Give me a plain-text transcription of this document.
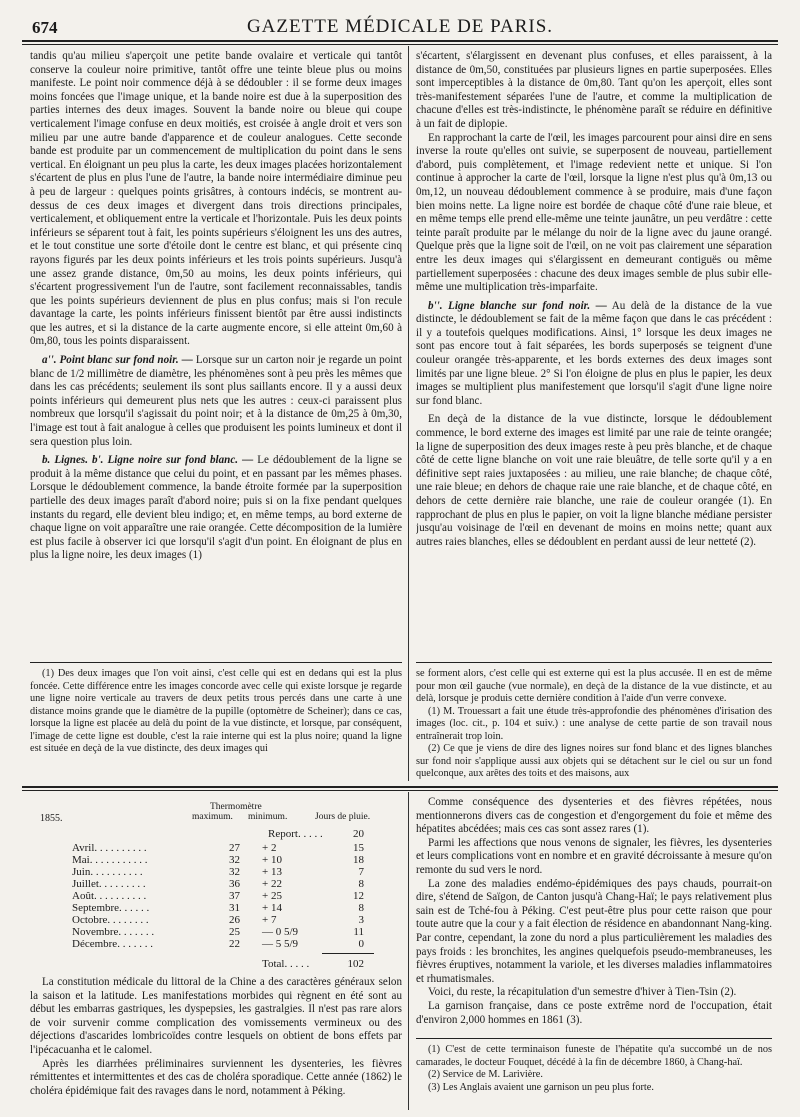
674	GAZETTE MÉDICALE DE PARIS.

tandis qu'au milieu s'aperçoit une petite bande ovalaire et verticale qui tantôt conserve la couleur noire primitive, tantôt offre une teinte bleue plus ou moins manifeste. Le point noir commence déjà à se dédoubler : il se forme deux images moins foncées que l'image unique, et la bande noire est due à la superposition des parties internes des deux images. Souvent la bande noire ou bleue qui coupe verticalement l'image confuse en deux moitiés, est croisée à angle droit et vers son milieu par une autre bande d'apparence et de couleur analogues. Cette seconde bande est produite par un commencement de multiplication du point dans le sens vertical. En éloignant un peu plus la carte, les deux images placées horizontalement s'écartent de plus en plus l'une de l'autre, la bande noire intermédiaire diminue peu à peu de largeur : quelques points grisâtres, à contours indécis, se montrent au-dessus de ces deux images et divergent dans trois directions principales, verticalement, et obliquement entre la verticale et l'horizontale. Puis les deux points inférieurs se séparent tout à fait, les points supérieurs s'éloignent les uns des autres, et le tout constitue une sorte d'étoile dont le centre est blanc, et qui présente cinq rayons figurés par les deux points inférieurs et les trois points supérieurs. Jusqu'à une assez grande distance, 0m,50 au moins, les deux points inférieurs, qui s'écartent progressivement l'un de l'autre, sont facilement reconnaissables, tandis que les points supérieurs deviennent de plus en plus confus; mais si l'on recule davantage la carte, les points inférieurs finissent bientôt par être aussi indistincts que les autres, et si la distance de la carte augmente encore, si elle atteint 0m,60 à 0m,80, tous les points disparaissent.

a''. Point blanc sur fond noir. — Lorsque sur un carton noir je regarde un point blanc de 1/2 millimètre de diamètre, les phénomènes sont à peu près les mêmes que dans les cas précédents; seulement ils sont plus saillants encore. Il y a aussi deux points inférieurs qui demeurent plus nets que les autres : ceux-ci paraissent plus nombreux que lorsqu'il s'agissait du point noir; et à la distance de 0m,25 à 0m,30, l'image est tout à fait analogue à celles que produisent les points lumineux et dont il sera question plus loin.

b. Lignes. b'. Ligne noire sur fond blanc. — Le dédoublement de la ligne se produit à la même distance que celui du point, et en passant par les mêmes phases. Lorsque le dédoublement commence, la bande étroite formée par la superposition partielle des deux images paraît d'abord noire; puis si on la fixe pendant quelques instants du regard, elle devient bleu indigo; et, en même temps, au bord externe de chaque ligne on voit apparaître une raie orangée. Cette décomposition de la lumière est plus facile à observer ici que lorsqu'il s'agit d'un point. En éloignant de plus en plus la ligne noire, les deux images (1)

s'écartent, s'élargissent en devenant plus confuses, et elles paraissent, à la distance de 0m,50, constituées par plusieurs lignes en partie superposées. Elles sont imperceptibles à la distance de 0m,80. Tant qu'on les aperçoit, elles sont très-manifestement séparées l'une de l'autre, et comme la multiplication de chacune d'elles est très-indistincte, le phénomène paraît se réduire en définitive à un fait de diplopie.

En rapprochant la carte de l'œil, les images parcourent pour ainsi dire en sens inverse la route qu'elles ont suivie, se superposent de nouveau, partiellement d'abord, puis complètement, et l'image redevient nette et unique. Si l'on continue à approcher la carte de l'œil, lorsque la ligne n'est plus qu'à 0m,13 ou 0m,12, un nouveau dédoublement commence à se produire, mais d'une façon bien moins nette. La ligne noire est bordée de chaque côté d'une raie bleue, et en même temps elle prend elle-même une teinte jaunâtre, un peu verdâtre : cette teinte paraît produite par le mélange du noir de la ligne avec du jaune orangé. Quelque près que la ligne soit de l'œil, on ne voit pas clairement une séparation entre les deux images qui s'élargissent en demeurant contiguës ou même partiellement superposées : chacune des deux images semble de plus subir elle-même une multiplication très-imparfaite.

b''. Ligne blanche sur fond noir. — Au delà de la distance de la vue distincte, le dédoublement se fait de la même façon que dans le cas précédent : il y a toutefois quelques modifications. Ainsi, 1° lorsque les deux images ne sont pas encore tout à fait séparées, les bords superposés se teignent d'une couleur orangée très-apparente, et les bords externes des deux images sont limités par une ligne bleue. 2° Si l'on éloigne de plus en plus le papier, les deux images se multiplient plus manifestement que lorsqu'il s'agit d'une ligne noire sur fond blanc.

En deçà de la distance de la vue distincte, lorsque le dédoublement commence, le bord externe des images est limité par une raie de teinte orangée; la ligne de superposition des deux images reste à peu près blanche, et de chaque côté de cette ligne blanche on voit une raie bleuâtre, de telle sorte qu'il y a en définitive sept raies juxtaposées : au milieu, une raie blanche; de chaque côté, une raie bleue; en dehors de chaque raie une raie blanche, et de chaque côté, en dehors de cette dernière raie blanche, une raie de couleur orangée (1). En rapprochant de plus en plus le papier, on voit la ligne blanche médiane persister jusqu'au voisinage de l'œil en devenant de moins en moins nette; quant aux autres raies blanches, elles se dédoublent en perdant aussi de leur netteté (2).

(1) Des deux images que l'on voit ainsi, c'est celle qui est en dedans qui est la plus foncée. Cette différence entre les images concorde avec celle qui existe lorsque je regarde une ligne noire verticale au travers de deux petits trous percés dans une carte à une distance moins grande que le diamètre de la pupille (optomètre de Scheiner); dans ce cas, lorsque la ligne est placée au delà du point de la vue distincte, et lorsque, par conséquent, l'image de cette ligne est double, c'est la raie interne qui est la plus noire; quand la ligne est située en deçà de la vue distincte, des deux images qui

se forment alors, c'est celle qui est externe qui est la plus accusée. Il en est de même pour mon œil gauche (vue normale), en deçà de la distance de la vue distincte, et au delà, lorsque je produis cette dernière condition à l'aide d'un verre convexe.

(1) M. Trouessart a fait une étude très-approfondie des phénomènes d'irisation des images (loc. cit., p. 104 et suiv.) : une analyse de cette partie de son travail nous entraînerait trop loin.

(2) Ce que je viens de dire des lignes noires sur fond blanc et des lignes blanches sur fond noir s'applique aussi aux objets qui se détachent sur le ciel ou sur un fond quelconque, aux arêtes des toits et des maisons, aux

1855.
Thermomètre
maximum. minimum.	Jours de pluie.
Report. . . . .	20
Avril. . . . . . . . . .	27 + 2	15
Mai. . . . . . . . . . .	32 + 10	18
Juin. . . . . . . . . .	32 + 13	7
Juillet. . . . . . . . .	36 + 22	8
Août. . . . . . . . . .	37 + 25	12
Septembre. . . . . .	31 + 14	8
Octobre. . . . . . . .	26 + 7	3
Novembre. . . . . . .	25 — 0 5/9	11
Décembre. . . . . . .	22 — 5 5/9	0
Total. . . . .	102

La constitution médicale du littoral de la Chine a des caractères généraux selon la saison et la latitude. Les manifestations morbides qui règnent en été sont au début les embarras gastriques, les dyspepsies, les gastralgies. Il n'est pas rare alors de voir survenir comme complication des vomissements vermineux ou des déjections d'ascarides lombricoïdes contre lesquels on obtient de bons effets par l'ipécacuanha et le calomel.

Après les diarrhées préliminaires surviennent les dysenteries, les fièvres rémittentes et intermittentes et des cas de choléra sporadique. Cette année (1862) le choléra épidémique fait des ravages dans le nord, notamment à Péking.

Comme conséquence des dysenteries et des fièvres répétées, nous mentionnerons divers cas de congestion et d'engorgement du foie et même des hépatites abcédées; mais ces cas sont assez rares (1).

Parmi les affections que nous venons de signaler, les fièvres, les dysenteries et leurs complications vont en nombre et en gravité décroissante à mesure qu'on remonte du sud vers le nord.

La zone des maladies endémo-épidémiques des pays chauds, pourrait-on dire, s'étend de Saïgon, de Canton jusqu'à Chang-Haï; le pays relativement plus sain est de Tché-fou à Péking. C'est peut-être plus pour cette raison que pour toute autre que la cour y a fait élection de résidence en abandonnant Nang-king. Par contre, cependant, la zone du nord a plus particulièrement les maladies des pays froids : les bronchites, les angines quelquefois pseudo-membraneuses, les fièvres éruptives, notamment la variole, et les diverses maladies inflammatoires et rhumatismales.

Voici, du reste, la récapitulation d'un semestre d'hiver à Tien-Tsin (2).

La garnison française, dans ce poste extrême nord de l'occupation, était d'environ 2,000 hommes en 1861 (3).

(1) C'est de cette terminaison funeste de l'hépatite qu'a succombé un de nos camarades, le docteur Fouquet, décédé à la fin de décembre 1860, à Chang-haï.

(2) Service de M. Larivière.

(3) Les Anglais avaient une garnison un peu plus forte.
